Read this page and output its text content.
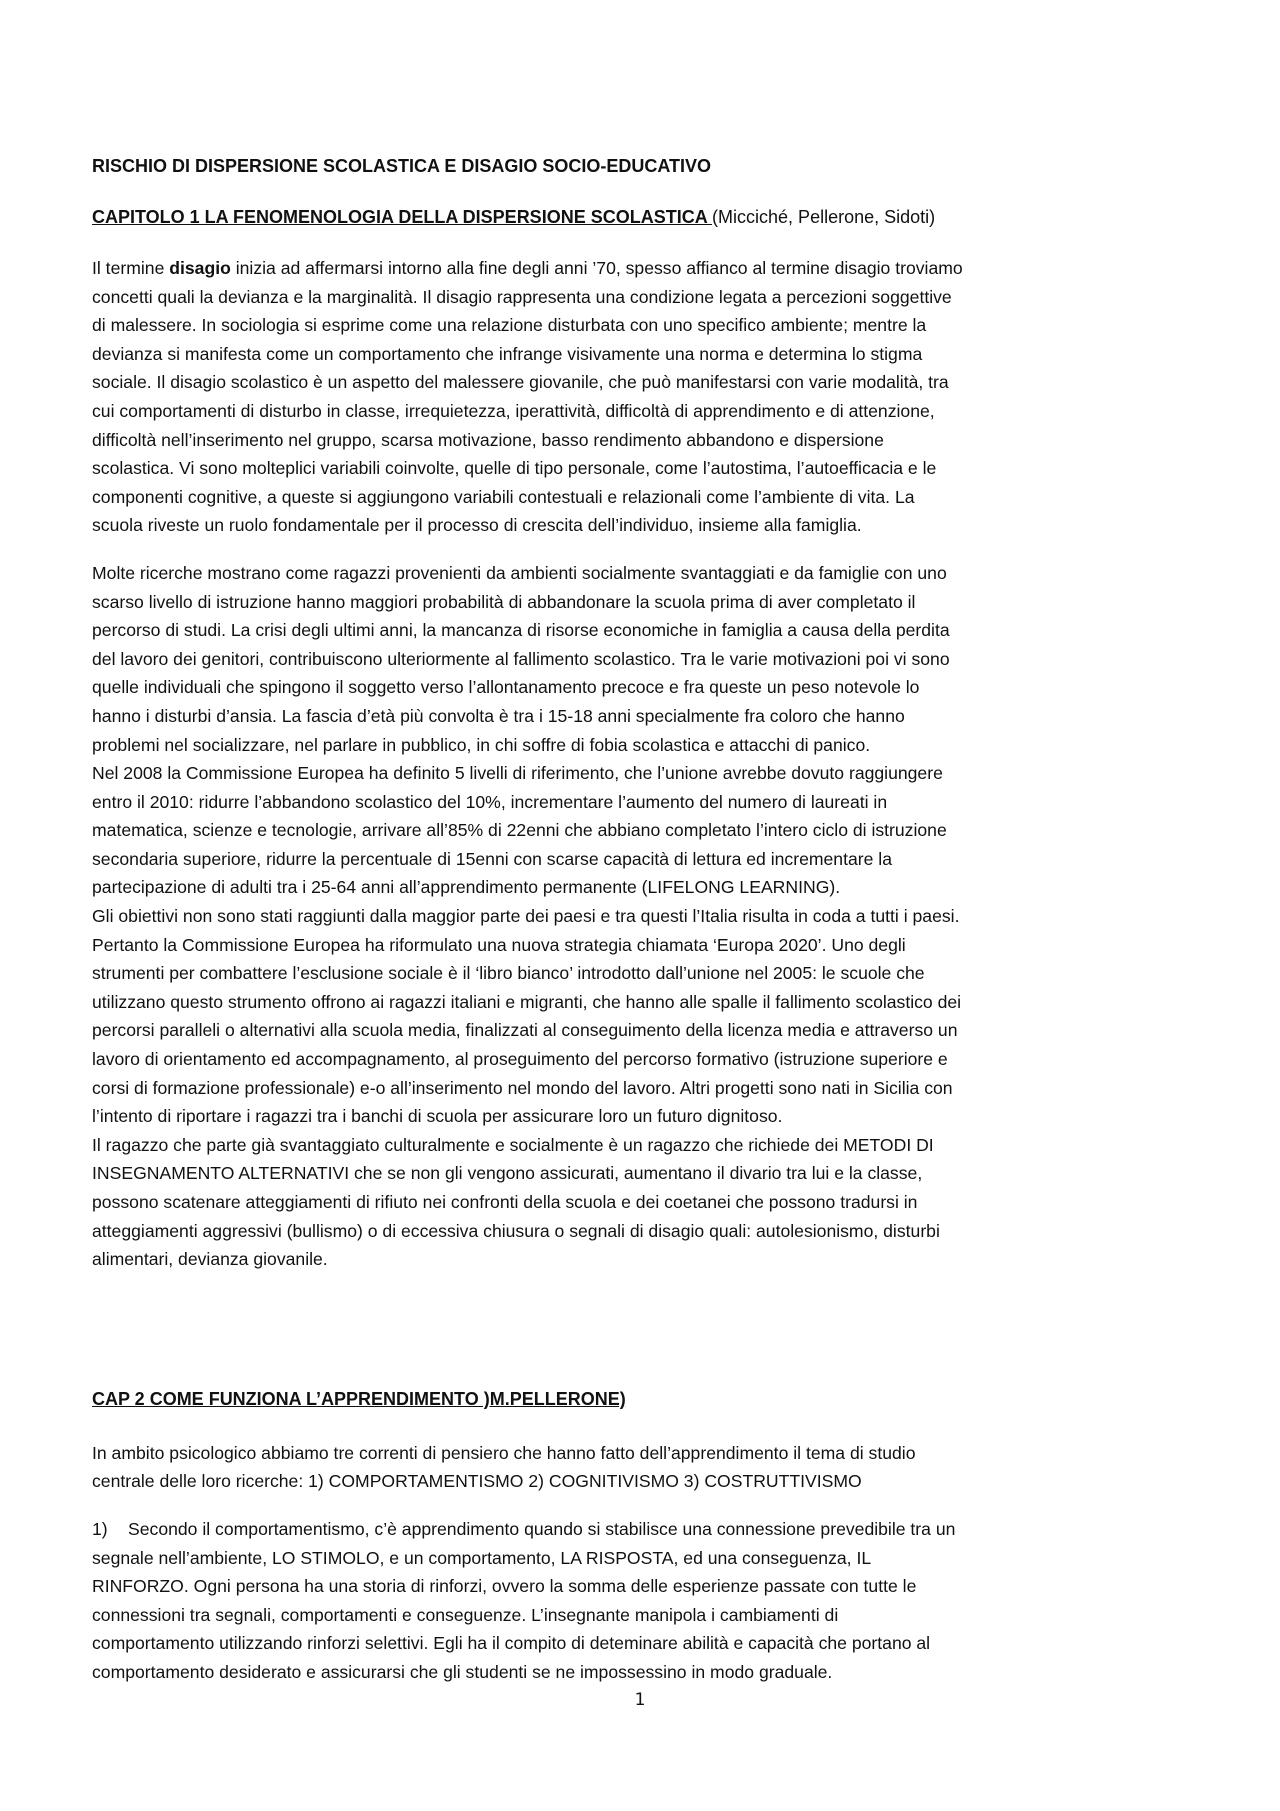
RISCHIO DI DISPERSIONE SCOLASTICA E DISAGIO SOCIO-EDUCATIVO
CAPITOLO 1 LA FENOMENOLOGIA DELLA DISPERSIONE SCOLASTICA (Micciché, Pellerone, Sidoti)

Il termine disagio inizia ad affermarsi intorno alla fine degli anni ’70, spesso affianco al termine disagio troviamo
concetti quali la devianza e la marginalità. Il disagio rappresenta una condizione legata a percezioni soggettive
di malessere. In sociologia si esprime come una relazione disturbata con uno specifico ambiente; mentre la
devianza si manifesta come un comportamento che infrange visivamente una norma e determina lo stigma
sociale. Il disagio scolastico è un aspetto del malessere giovanile, che può manifestarsi con varie modalità, tra
cui comportamenti di disturbo in classe, irrequietezza, iperattività, difficoltà di apprendimento e di attenzione,
difficoltà nell’inserimento nel gruppo, scarsa motivazione, basso rendimento abbandono e dispersione
scolastica. Vi sono molteplici variabili coinvolte, quelle di tipo personale, come l’autostima, l’autoefficacia e le
componenti cognitive, a queste si aggiungono variabili contestuali e relazionali come l’ambiente di vita. La
scuola riveste un ruolo fondamentale per il processo di crescita dell’individuo, insieme alla famiglia.

Molte ricerche mostrano come ragazzi provenienti da ambienti socialmente svantaggiati e da famiglie con uno
scarso livello di istruzione hanno maggiori probabilità di abbandonare la scuola prima di aver completato il
percorso di studi. La crisi degli ultimi anni, la mancanza di risorse economiche in famiglia a causa della perdita
del lavoro dei genitori, contribuiscono ulteriormente al fallimento scolastico. Tra le varie motivazioni poi vi sono
quelle individuali che spingono il soggetto verso l’allontanamento precoce e fra queste un peso notevole lo
hanno i disturbi d’ansia. La fascia d’età più convolta è tra i 15-18 anni specialmente fra coloro che hanno
problemi nel socializzare, nel parlare in pubblico, in chi soffre di fobia scolastica e attacchi di panico.
Nel 2008 la Commissione Europea ha definito 5 livelli di riferimento, che l’unione avrebbe dovuto raggiungere
entro il 2010: ridurre l’abbandono scolastico del 10%, incrementare l’aumento del numero di laureati in
matematica, scienze e tecnologie, arrivare all’85% di 22enni che abbiano completato l’intero ciclo di istruzione
secondaria superiore, ridurre la percentuale di 15enni con scarse capacità di lettura ed incrementare la
partecipazione di adulti tra i 25-64 anni all’apprendimento permanente (LIFELONG LEARNING).
Gli obiettivi non sono stati raggiunti dalla maggior parte dei paesi e tra questi l’Italia risulta in coda a tutti i paesi.
Pertanto la Commissione Europea ha riformulato una nuova strategia chiamata ‘Europa 2020’. Uno degli
strumenti per combattere l’esclusione sociale è il ‘libro bianco’ introdotto dall’unione nel 2005: le scuole che
utilizzano questo strumento offrono ai ragazzi italiani e migranti, che hanno alle spalle il fallimento scolastico dei
percorsi paralleli o alternativi alla scuola media, finalizzati al conseguimento della licenza media e attraverso un
lavoro di orientamento ed accompagnamento, al proseguimento del percorso formativo (istruzione superiore e
corsi di formazione professionale) e-o all’inserimento nel mondo del lavoro. Altri progetti sono nati in Sicilia con
l’intento di riportare i ragazzi tra i banchi di scuola per assicurare loro un futuro dignitoso.
Il ragazzo che parte già svantaggiato culturalmente e socialmente è un ragazzo che richiede dei METODI DI
INSEGNAMENTO ALTERNATIVI che se non gli vengono assicurati, aumentano il divario tra lui e la classe,
possono scatenare atteggiamenti di rifiuto nei confronti della scuola e dei coetanei che possono tradursi in
atteggiamenti aggressivi (bullismo) o di eccessiva chiusura o segnali di disagio quali: autolesionismo, disturbi
alimentari, devianza giovanile.

CAP 2 COME FUNZIONA L’APPRENDIMENTO )M.PELLERONE)

In ambito psicologico abbiamo tre correnti di pensiero che hanno fatto dell’apprendimento il tema di studio
centrale delle loro ricerche: 1) COMPORTAMENTISMO 2) COGNITIVISMO 3) COSTRUTTIVISMO

1) Secondo il comportamentismo, c’è apprendimento quando si stabilisce una connessione prevedibile tra un
segnale nell’ambiente, LO STIMOLO, e un comportamento, LA RISPOSTA, ed una conseguenza, IL
RINFORZO. Ogni persona ha una storia di rinforzi, ovvero la somma delle esperienze passate con tutte le
connessioni tra segnali, comportamenti e conseguenze. L’insegnante manipola i cambiamenti di
comportamento utilizzando rinforzi selettivi. Egli ha il compito di deteminare abilità e capacità che portano al
comportamento desiderato e assicurarsi che gli studenti se ne impossessino in modo graduale.

1
